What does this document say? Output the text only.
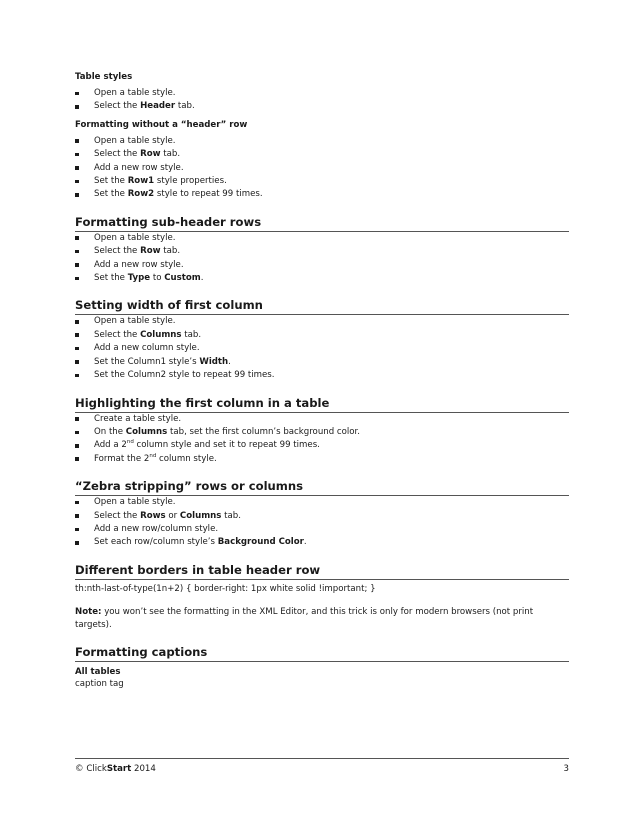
Table styles

Open a table style.
Select the Header tab.

Formatting without a “header” row

Open a table style.
Select the Row tab.
Add a new row style.
Set the Row1 style properties.
Set the Row2 style to repeat 99 times.
Formatting sub-header rows
Open a table style.
Select the Row tab.
Add a new row style.
Set the Type to Custom.
Setting width of first column
Open a table style.
Select the Columns tab.
Add a new column style.
Set the Column1 style’s Width.
Set the Column2 style to repeat 99 times.
Highlighting the first column in a table
Create a table style.
On the Columns tab, set the first column’s background color.
Add a 2nd column style and set it to repeat 99 times.
Format the 2nd column style.
“Zebra stripping” rows or columns
Open a table style.
Select the Rows or Columns tab.
Add a new row/column style.
Set each row/column style’s Background Color.
Different borders in table header row

th:nth-last-of-type(1n+2) { border-right: 1px white solid !important; }

Note: you won’t see the formatting in the XML Editor, and this trick is only for modern browsers (not print targets).

Formatting captions

All tables

caption tag

© ClickStart 2014	3
